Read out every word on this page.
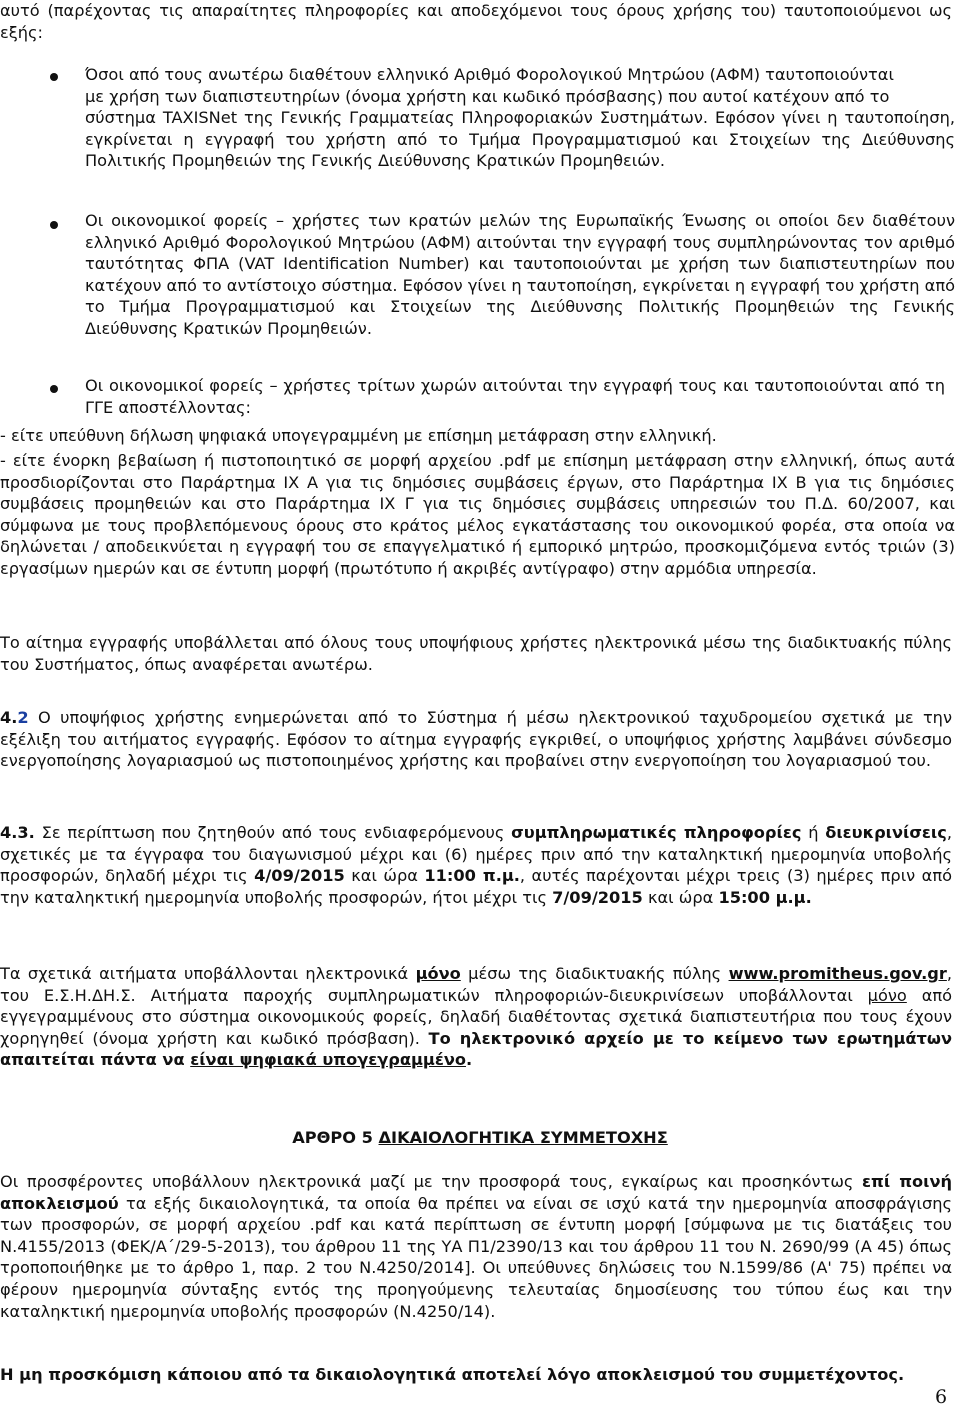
αυτό (παρέχοντας τις απαραίτητες πληροφορίες και αποδεχόμενοι τους όρους χρήσης του) ταυτοποιούμενοι ως εξής:

Όσοι από τους ανωτέρω διαθέτουν ελληνικό Αριθμό Φορολογικού Μητρώου (ΑΦΜ) ταυτοποιούνται
με χρήση των διαπιστευτηρίων (όνομα χρήστη και κωδικό πρόσβασης) που αυτοί κατέχουν από το
σύστημα TAXISNet της Γενικής Γραμματείας Πληροφοριακών Συστημάτων. Εφόσον γίνει η ταυτοποίηση, εγκρίνεται η εγγραφή του χρήστη από το Τμήμα Προγραμματισμού και Στοιχείων της Διεύθυνσης Πολιτικής Προμηθειών της Γενικής Διεύθυνσης Κρατικών Προμηθειών.

Οι οικονομικοί φορείς – χρήστες των κρατών μελών της Ευρωπαϊκής Ένωσης οι οποίοι δεν διαθέτουν ελληνικό Αριθμό Φορολογικού Μητρώου (ΑΦΜ) αιτούνται την εγγραφή τους συμπληρώνοντας τον αριθμό ταυτότητας ΦΠΑ (VAT Identification Number) και ταυτοποιούνται με χρήση των διαπιστευτηρίων που κατέχουν από το αντίστοιχο σύστημα. Εφόσον γίνει η ταυτοποίηση, εγκρίνεται η εγγραφή του χρήστη από το Τμήμα Προγραμματισμού και Στοιχείων της Διεύθυνσης Πολιτικής Προμηθειών της Γενικής Διεύθυνσης Κρατικών Προμηθειών.

Οι οικονομικοί φορείς – χρήστες τρίτων χωρών αιτούνται την εγγραφή τους και ταυτοποιούνται από τη ΓΓΕ αποστέλλοντας:

- είτε υπεύθυνη δήλωση ψηφιακά υπογεγραμμένη με επίσημη μετάφραση στην ελληνική.

- είτε ένορκη βεβαίωση ή πιστοποιητικό σε μορφή αρχείου .pdf με επίσημη μετάφραση στην ελληνική, όπως αυτά προσδιορίζονται στο Παράρτημα IX A για τις δημόσιες συμβάσεις έργων, στο Παράρτημα IX B για τις δημόσιες συμβάσεις προμηθειών και στο Παράρτημα IX Γ για τις δημόσιες συμβάσεις υπηρεσιών του Π.Δ. 60/2007, και σύμφωνα με τους προβλεπόμενους όρους στο κράτος μέλος εγκατάστασης του οικονομικού φορέα, στα οποία να δηλώνεται / αποδεικνύεται η εγγραφή του σε επαγγελματικό ή εμπορικό μητρώο, προσκομιζόμενα εντός τριών (3) εργασίμων ημερών και σε έντυπη μορφή (πρωτότυπο ή ακριβές αντίγραφο) στην αρμόδια υπηρεσία.

Το αίτημα εγγραφής υποβάλλεται από όλους τους υποψήφιους χρήστες ηλεκτρονικά μέσω της διαδικτυακής πύλης του Συστήματος, όπως αναφέρεται ανωτέρω.

4.2 Ο υποψήφιος χρήστης ενημερώνεται από το Σύστημα ή μέσω ηλεκτρονικού ταχυδρομείου σχετικά με την εξέλιξη του αιτήματος εγγραφής. Εφόσον το αίτημα εγγραφής εγκριθεί, ο υποψήφιος χρήστης λαμβάνει σύνδεσμο ενεργοποίησης λογαριασμού ως πιστοποιημένος χρήστης και προβαίνει στην ενεργοποίηση του λογαριασμού του.

4.3. Σε περίπτωση που ζητηθούν από τους ενδιαφερόμενους συμπληρωματικές πληροφορίες ή διευκρινίσεις, σχετικές με τα έγγραφα του διαγωνισμού μέχρι και (6) ημέρες πριν από την καταληκτική ημερομηνία υποβολής προσφορών, δηλαδή μέχρι τις 4/09/2015 και ώρα 11:00 π.μ., αυτές παρέχονται μέχρι τρεις (3) ημέρες πριν από την καταληκτική ημερομηνία υποβολής προσφορών, ήτοι μέχρι τις 7/09/2015 και ώρα 15:00 μ.μ.

Τα σχετικά αιτήματα υποβάλλονται ηλεκτρονικά μόνο μέσω της διαδικτυακής πύλης www.promitheus.gov.gr, του Ε.Σ.Η.ΔΗ.Σ. Αιτήματα παροχής συμπληρωματικών πληροφοριών-διευκρινίσεων υποβάλλονται μόνο από εγγεγραμμένους στο σύστημα οικονομικούς φορείς, δηλαδή διαθέτοντας σχετικά διαπιστευτήρια που τους έχουν χορηγηθεί (όνομα χρήστη και κωδικό πρόσβαση). Το ηλεκτρονικό αρχείο με το κείμενο των ερωτημάτων απαιτείται πάντα να είναι ψηφιακά υπογεγραμμένο.

ΑΡΘΡΟ 5 ΔΙΚΑΙΟΛΟΓΗΤΙΚΑ ΣΥΜΜΕΤΟΧΗΣ

Οι προσφέροντες υποβάλλουν ηλεκτρονικά μαζί με την προσφορά τους, εγκαίρως και προσηκόντως επί ποινή αποκλεισμού τα εξής δικαιολογητικά, τα οποία θα πρέπει να είναι σε ισχύ κατά την ημερομηνία αποσφράγισης των προσφορών, σε μορφή αρχείου .pdf και κατά περίπτωση σε έντυπη μορφή [σύμφωνα με τις διατάξεις του Ν.4155/2013 (ΦΕΚ/Α΄/29-5-2013), του άρθρου 11 της ΥΑ Π1/2390/13 και του άρθρου 11 του Ν. 2690/99 (Α 45) όπως τροποποιήθηκε με το άρθρο 1, παρ. 2 του Ν.4250/2014]. Οι υπεύθυνες δηλώσεις του Ν.1599/86 (Α' 75) πρέπει να φέρουν ημερομηνία σύνταξης εντός της προηγούμενης τελευταίας δημοσίευσης του τύπου έως και την καταληκτική ημερομηνία υποβολής προσφορών (Ν.4250/14).

Η μη προσκόμιση κάποιου από τα δικαιολογητικά αποτελεί λόγο αποκλεισμού του συμμετέχοντος.

6
